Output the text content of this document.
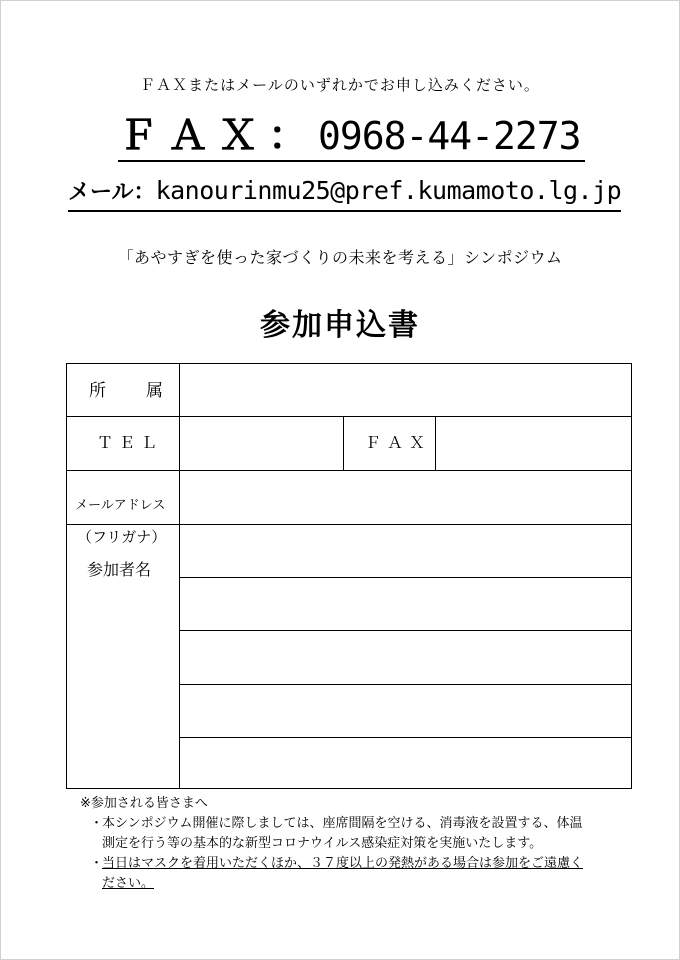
ＦＡＸまたはメールのいずれかでお申し込みください。
ＦＡＸ：0968-44-2273
メール：kanourinmu25@pref.kumamoto.lg.jp
「あやすぎを使った家づくりの未来を考える」シンポジウム
参加申込書
所　　属
ＴＥＬ	ＦＡＸ
メールアドレス
（フリガナ）
参加者名
※参加される皆さまへ
・
本シンポジウム開催に際しましては、座席間隔を空ける、消毒液を設置する、体温
測定を行う等の基本的な新型コロナウイルス感染症対策を実施いたします。
・
当日はマスクを着用いただくほか、３７度以上の発熱がある場合は参加をご遠慮く
ださい。
